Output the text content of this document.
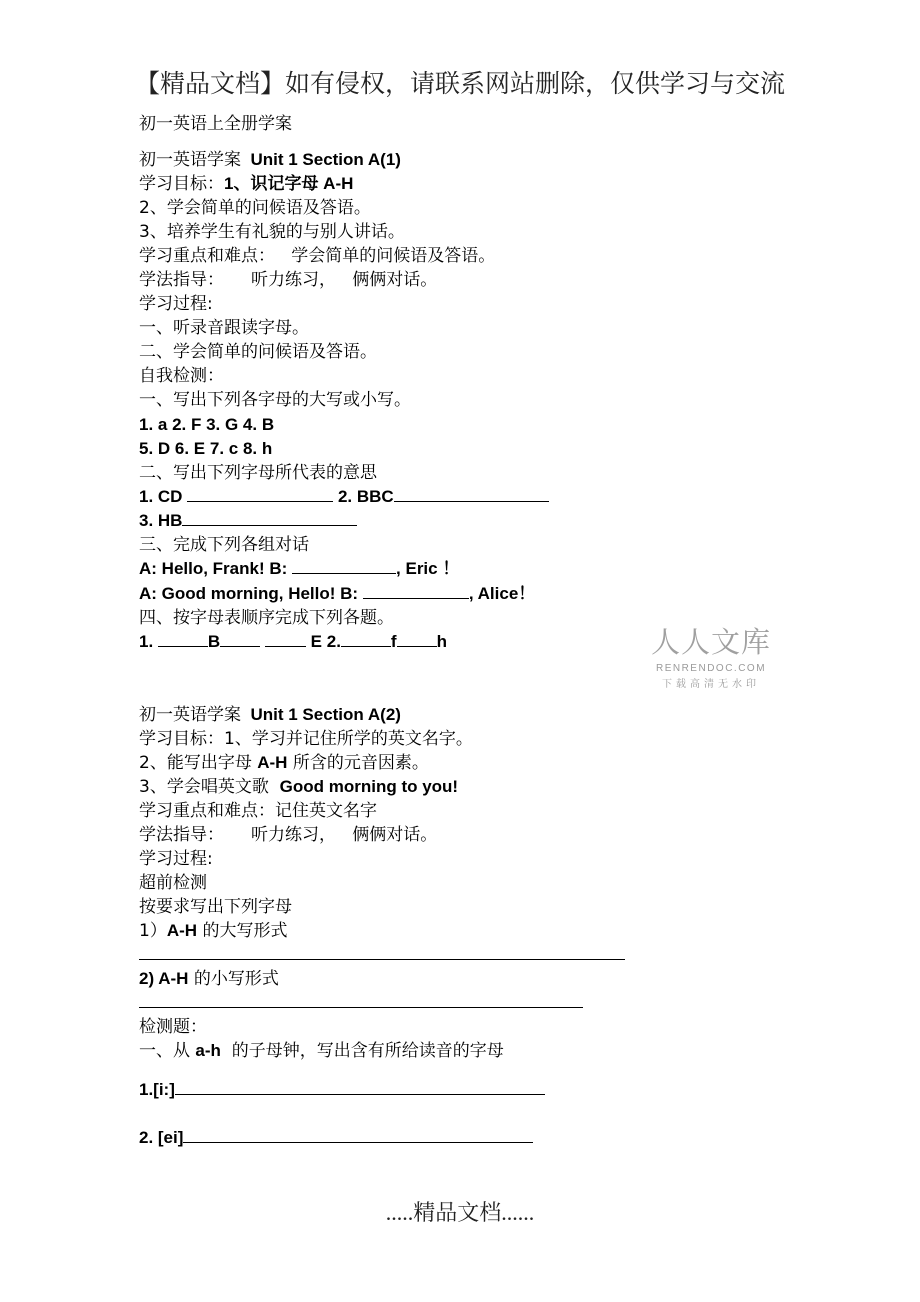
【精品文档】如有侵权，请联系网站删除，仅供学习与交流
初一英语上全册学案
初一英语学案 Unit 1 Section A(1)
学习目标：1、识记字母 A-H
2、学会简单的问候语及答语。
3、培养学生有礼貌的与别人讲话。
学习重点和难点：   学会简单的问候语及答语。
学法指导：     听力练习，   俩俩对话。
学习过程:
一、听录音跟读字母。
二、学会简单的问候语及答语。
自我检测：
一、写出下列各字母的大写或小写。
1. a 2. F 3. G 4. B
5. D 6. E 7. c 8. h
二、写出下列字母所代表的意思
1. CD	2. BBC
3. HB
三、完成下列各组对话
A: Hello, Frank! B:	, Eric ！
A: Good morning, Hello! B:	, Alice！
四、按字母表顺序完成下列各题。
1.	B	E 2.	f h	人人文库
RENRENDOC.COM
下载高清无水印
初一英语学案 Unit 1 Section A(2)
学习目标：1、学习并记住所学的英文名字。
2、能写出字母 A-H 所含的元音因素。
3、学会唱英文歌  Good morning to you!
学习重点和难点：记住英文名字
学法指导：     听力练习，   俩俩对话。
学习过程:
超前检测
按要求写出下列字母
1）A-H 的大写形式
2) A-H 的小写形式
检测题：
一、从 a-h  的子母钟，写出含有所给读音的字母
1.[i:]
2. [ei]
.....精品文档......
